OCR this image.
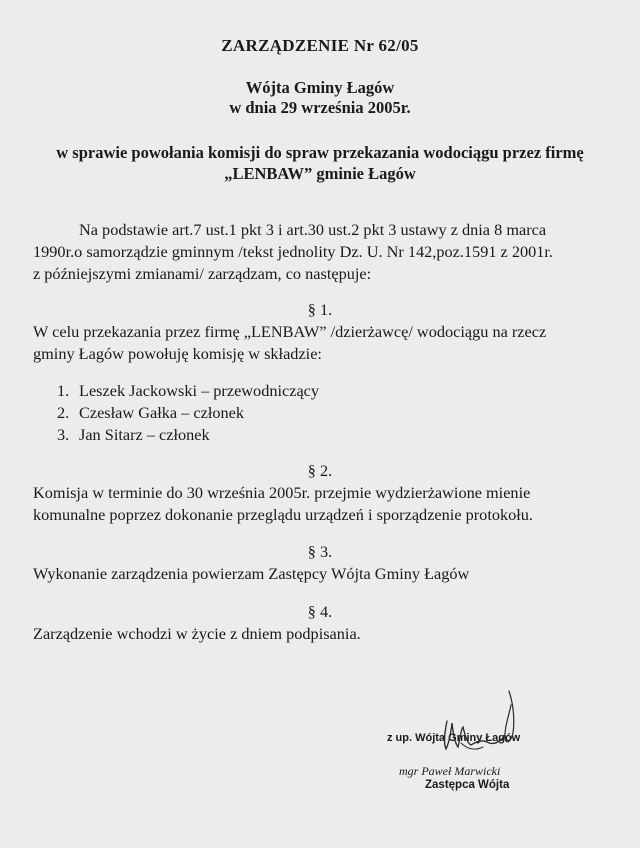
ZARZĄDZENIE Nr 62/05
Wójta Gminy Łagów
w dnia 29 września 2005r.
w sprawie powołania komisji do spraw przekazania wodociągu przez firmę
„LENBAW” gminie Łagów
Na podstawie art.7 ust.1 pkt 3 i art.30 ust.2 pkt 3 ustawy z dnia 8 marca
1990r.o samorządzie gminnym /tekst jednolity Dz. U. Nr 142,poz.1591 z 2001r.
z późniejszymi zmianami/ zarządzam, co następuje:
§ 1.
W celu przekazania przez firmę „LENBAW” /dzierżawcę/ wodociągu na rzecz
gminy Łagów powołuję komisję w składzie:
1. Leszek Jackowski – przewodniczący
2. Czesław Gałka – członek
3. Jan Sitarz – członek
§ 2.
Komisja w terminie do 30 września 2005r. przejmie wydzierżawione mienie
komunalne poprzez dokonanie przeglądu urządzeń i sporządzenie protokołu.
§ 3.
Wykonanie zarządzenia powierzam Zastępcy Wójta Gminy Łagów
§ 4.
Zarządzenie wchodzi w życie z dniem podpisania.
z up. Wójta Gminy Łagów
mgr Paweł Marwicki
Zastępca Wójta
